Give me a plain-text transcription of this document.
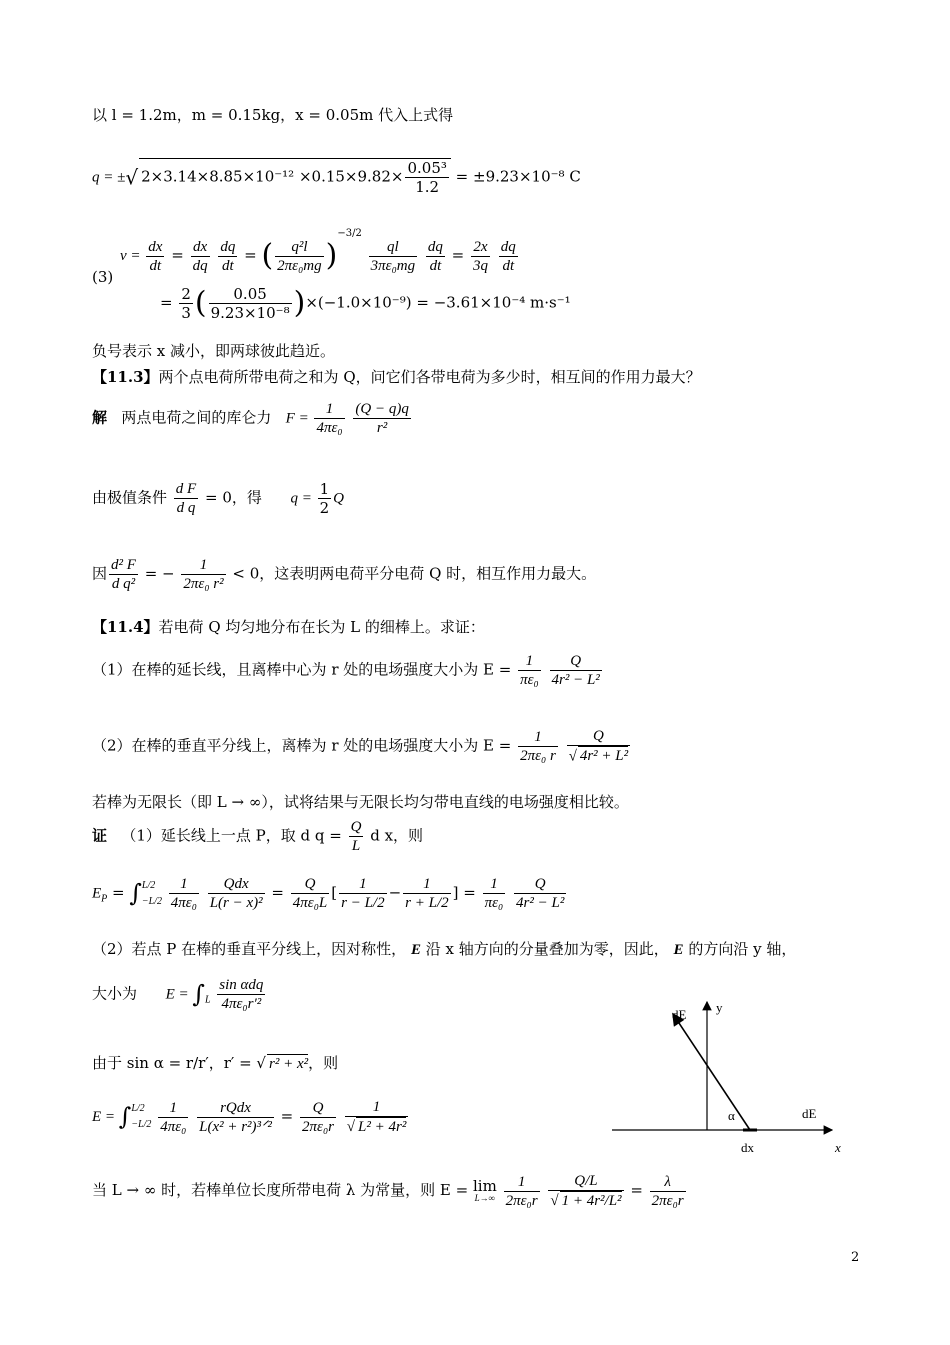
以 l = 1.2m，m = 0.15kg，x = 0.05m 代入上式得
q = ±√ $2\times 3.14\times 8.85\times 10^{-12} \times 0.15\times 9.82\times \frac{\text{0.05³}}{1.2} = \pm 9.23\times 10^{-8}$ C
(3)
$v = \frac{dx}{dt} = \frac{dx}{dq}$
$\frac{dq}{dt}$ = ( $\frac{\text{q²l}}{\text{2πε₀mg}} )^{-3/2}$
$\frac{ql}{\text{3πε₀mg}}$
$\frac{dq}{dt} = \frac{2x}{3q}$
$\frac{dq}{dt}$
= $\frac{2}{3}$ ( $\frac{0.05}{\text{9.23×10⁻⁸}} )\times(-1.0\times 10^{-9}) = -3.61\times 10^{-4}$ m·s⁻¹
负号表示 x 减小，即两球彼此趋近。
【11.3】两个点电荷所带电荷之和为 Q，问它们各带电荷为多少时，相互间的作用力最大？
解 两点电荷之间的库仑力 $F = \frac{1}{\text{4πε₀}}$
$\frac{(Q - q)q}{\text{r²}}$
由极值条件 $\frac{\text{d F}}{\text{d q}} = 0$，得 $q = \frac{1}{2}$ Q
因 $\frac{\text{d² F}}{\text{d q²}}$ = − $\frac{1}{\text{2πε₀ r²}} < 0$，这表明两电荷平分电荷 Q 时，相互作用力最大。
【11.4】若电荷 Q 均匀地分布在长为 L 的细棒上。求证：
（1）在棒的延长线，且离棒中心为 r 处的电场强度大小为 $E = \frac{1}{\text{πε₀}}$
$\frac{Q}{\text{4r² − L²}}$
（2）在棒的垂直平分线上，离棒为 r 处的电场强度大小为 $E = \frac{1}{\text{2πε₀ r}}$
$\frac{Q}{\text{√ 4r² + L²}}$
若棒为无限长（即 L → ∞），试将结果与无限长均匀带电直线的电场强度相比较。
证 （1）延长线上一点 P，取 d $q = \frac{Q}{L}$ d x，则
$E_P$ = ∫ L/2
−L/2
$\frac{1}{\text{4πε₀}}$
$\frac{\text{Qdx}}{\text{L(r − x)²}} = \frac{Q}{\text{4πε₀L}}$ [ $\frac{1}{r - L/2} - \frac{1}{r + L/2}$ ] = $\frac{1}{\text{πε₀}}$
$\frac{Q}{\text{4r² − L²}}$
（2）若点 P 在棒的垂直平分线上，因对称性， E 沿 x 轴方向的分量叠加为零，因此， E 的方向沿 y 轴，
大小为 $E = \int_L \frac{\text{sin αdq}}{\text{4πε₀r′²}}$
由于 sin α = r/r′，r′ = √ r² + x²，则
E = ∫ L/2
−L/2
$\frac{1}{\text{4πε₀}}$
$\frac{\text{rQdx}}{\text{L(x² + r²)³ᐟ²}} = \frac{Q}{\text{2πε₀r}}$
$\frac{1}{\text{√ L² + 4r²}}$
当 L → ∞ 时，若棒单位长度所带电荷 λ 为常量，则 E = lim
L→∞
$\frac{1}{\text{2πε₀r}}$
$\frac{Q/L}{\text{√ 1 + 4r²/L²}} = \frac{\lambda}{\text{2πε₀r}}$
dE y
α	dE
dx	x
2
